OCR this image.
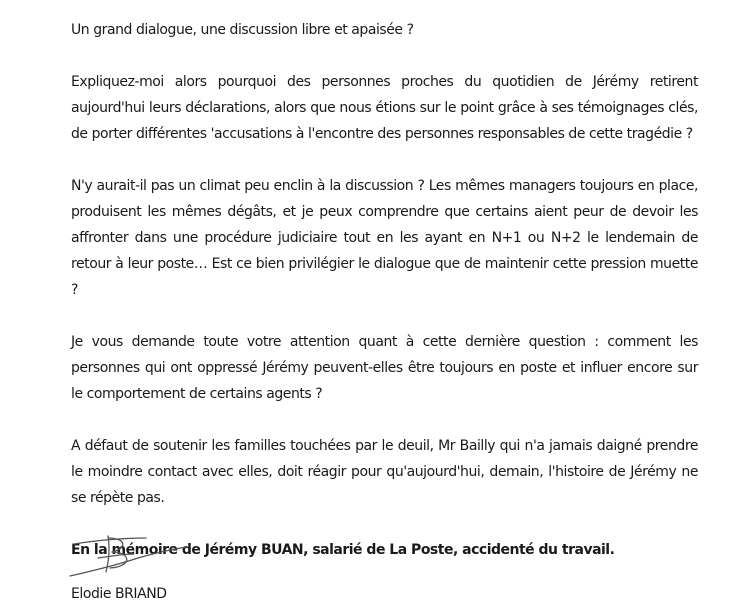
Un grand dialogue, une discussion libre et apaisée ?

Expliquez-moi alors pourquoi des personnes proches du quotidien de Jérémy retirent aujourd'hui leurs déclarations, alors que nous étions sur le point grâce à ses témoignages clés, de porter différentes 'accusations à l'encontre des personnes responsables de cette tragédie ?

N'y aurait-il pas un climat peu enclin à la discussion ? Les mêmes managers toujours en place, produisent les mêmes dégâts, et je peux comprendre que certains aient peur de devoir les affronter dans une procédure judiciaire tout en les ayant en N+1 ou N+2 le lendemain de retour à leur poste… Est ce bien privilégier le dialogue que de maintenir cette pression muette ?

Je vous demande toute votre attention quant à cette dernière question : comment les personnes qui ont oppressé Jérémy peuvent-elles être toujours en poste et influer encore sur le comportement de certains agents ?

A défaut de soutenir les familles touchées par le deuil, Mr Bailly qui n'a jamais daigné prendre le moindre contact avec elles, doit réagir pour qu'aujourd'hui, demain, l'histoire de Jérémy ne se répète pas.

En la mémoire de Jérémy BUAN, salarié de La Poste, accidenté du travail.

Elodie BRIAND
